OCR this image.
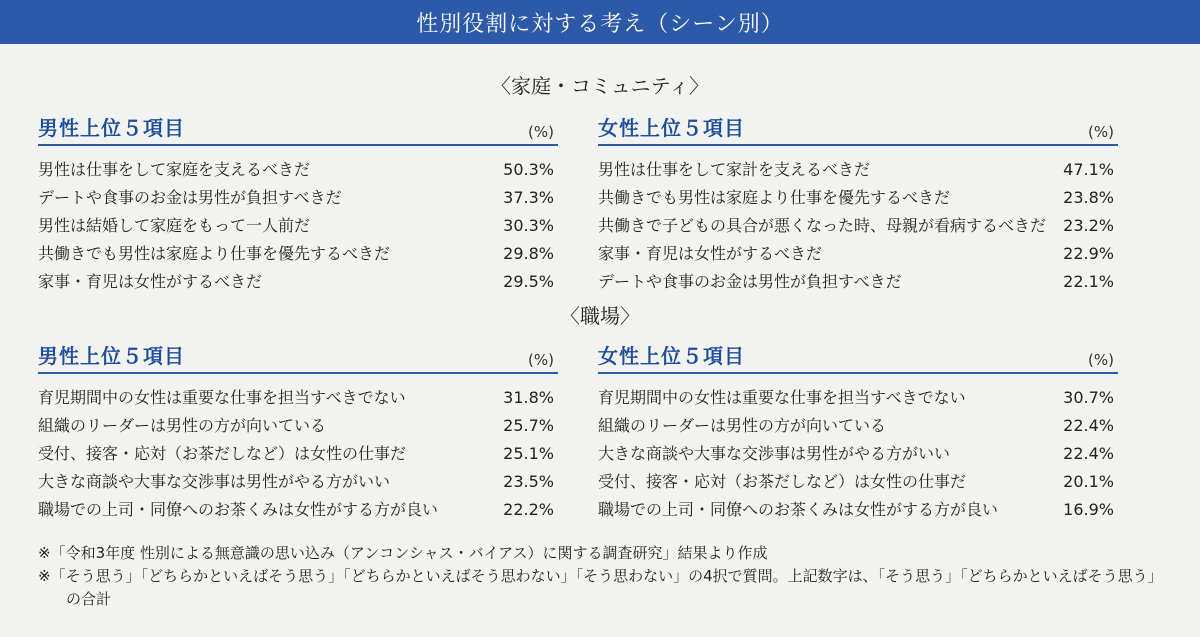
性別役割に対する考え（シーン別）
〈家庭・コミュニティ〉
男性上位５項目	(%)
男性は仕事をして家庭を支えるべきだ	50.3%
デートや食事のお金は男性が負担すべきだ	37.3%
男性は結婚して家庭をもって一人前だ	30.3%
共働きでも男性は家庭より仕事を優先するべきだ	29.8%
家事・育児は女性がするべきだ	29.5%
女性上位５項目	(%)
男性は仕事をして家計を支えるべきだ	47.1%
共働きでも男性は家庭より仕事を優先するべきだ	23.8%
共働きで子どもの具合が悪くなった時、母親が看病するべきだ 23.2%
家事・育児は女性がするべきだ	22.9%
デートや食事のお金は男性が負担すべきだ	22.1%
〈職場〉
男性上位５項目	(%)
育児期間中の女性は重要な仕事を担当すべきでない	31.8%
組織のリーダーは男性の方が向いている	25.7%
受付、接客・応対（お茶だしなど）は女性の仕事だ	25.1%
大きな商談や大事な交渉事は男性がやる方がいい	23.5%
職場での上司・同僚へのお茶くみは女性がする方が良い	22.2%
女性上位５項目	(%)
育児期間中の女性は重要な仕事を担当すべきでない	30.7%
組織のリーダーは男性の方が向いている	22.4%
大きな商談や大事な交渉事は男性がやる方がいい	22.4%
受付、接客・応対（お茶だしなど）は女性の仕事だ	20.1%
職場での上司・同僚へのお茶くみは女性がする方が良い	16.9%
※「令和3年度 性別による無意識の思い込み（アンコンシャス・バイアス）に関する調査研究」結果より作成
※「そう思う」「どちらかといえばそう思う」「どちらかといえばそう思わない」「そう思わない」の4択で質問。上記数字は、「そう思う」「どちらかといえばそう思う」
の合計
